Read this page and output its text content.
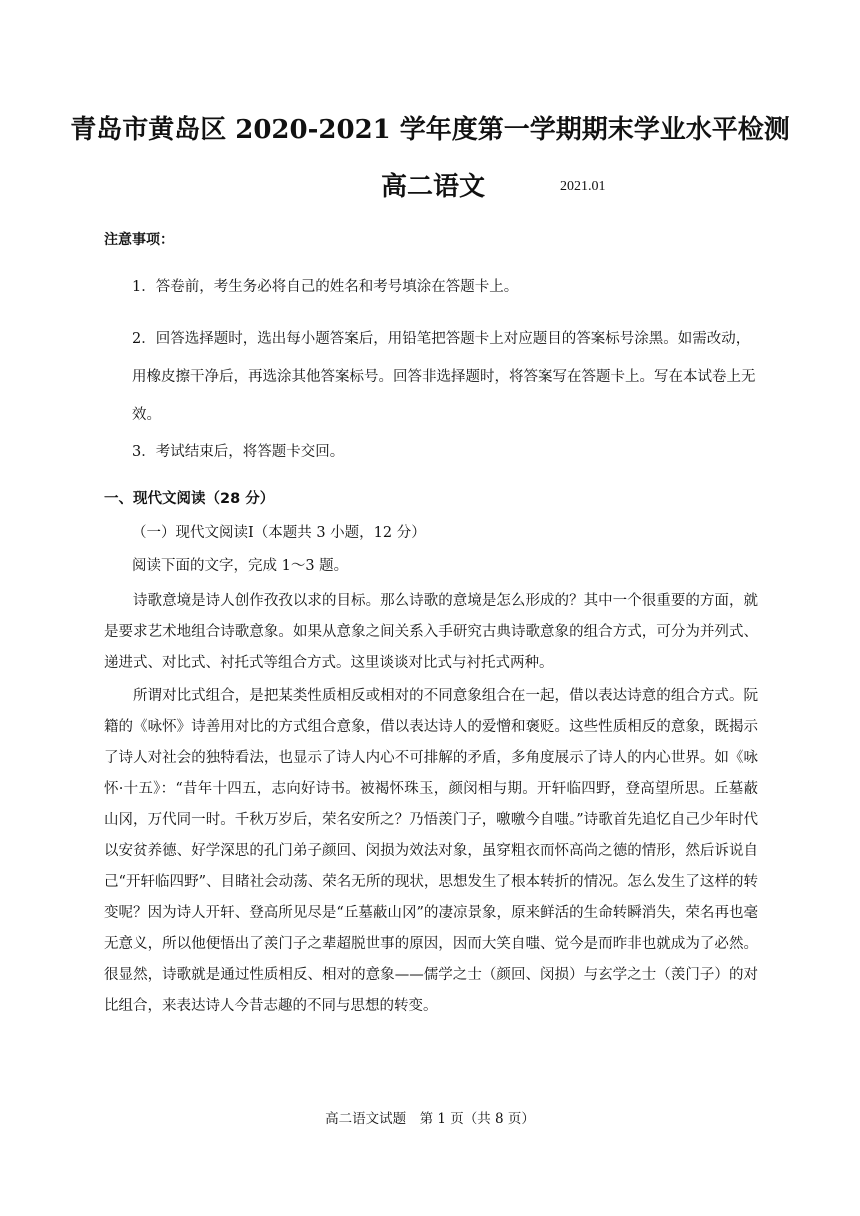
青岛市黄岛区 2020-2021 学年度第一学期期末学业水平检测
高二语文	2021.01
注意事项：
1．答卷前，考生务必将自己的姓名和考号填涂在答题卡上。
2．回答选择题时，选出每小题答案后，用铅笔把答题卡上对应题目的答案标号涂黑。如需改动，用橡皮擦干净后，再选涂其他答案标号。回答非选择题时，将答案写在答题卡上。写在本试卷上无效。
3．考试结束后，将答题卡交回。
一、现代文阅读（28 分）
（一）现代文阅读I（本题共 3 小题，12 分）
阅读下面的文字，完成 1～3 题。
诗歌意境是诗人创作孜孜以求的目标。那么诗歌的意境是怎么形成的？其中一个很重要的方面，就是要求艺术地组合诗歌意象。如果从意象之间关系入手研究古典诗歌意象的组合方式，可分为并列式、递进式、对比式、衬托式等组合方式。这里谈谈对比式与衬托式两种。
所谓对比式组合，是把某类性质相反或相对的不同意象组合在一起，借以表达诗意的组合方式。阮籍的《咏怀》诗善用对比的方式组合意象，借以表达诗人的爱憎和褒贬。这些性质相反的意象，既揭示了诗人对社会的独特看法，也显示了诗人内心不可排解的矛盾，多角度展示了诗人的内心世界。如《咏怀·十五》：“昔年十四五，志向好诗书。被褐怀珠玉，颜闵相与期。开轩临四野，登高望所思。丘墓蔽山冈，万代同一时。千秋万岁后，荣名安所之？乃悟羡门子，噭噭今自嗤。”诗歌首先追忆自己少年时代以安贫养德、好学深思的孔门弟子颜回、闵损为效法对象，虽穿粗衣而怀高尚之德的情形，然后诉说自己“开轩临四野”、目睹社会动荡、荣名无所的现状，思想发生了根本转折的情况。怎么发生了这样的转变呢？因为诗人开轩、登高所见尽是“丘墓蔽山冈”的凄凉景象，原来鲜活的生命转瞬消失，荣名再也毫无意义，所以他便悟出了羡门子之辈超脱世事的原因，因而大笑自嗤、觉今是而昨非也就成为了必然。很显然，诗歌就是通过性质相反、相对的意象——儒学之士（颜回、闵损）与玄学之士（羡门子）的对比组合，来表达诗人今昔志趣的不同与思想的转变。
高二语文试题　第 1 页（共 8 页）
